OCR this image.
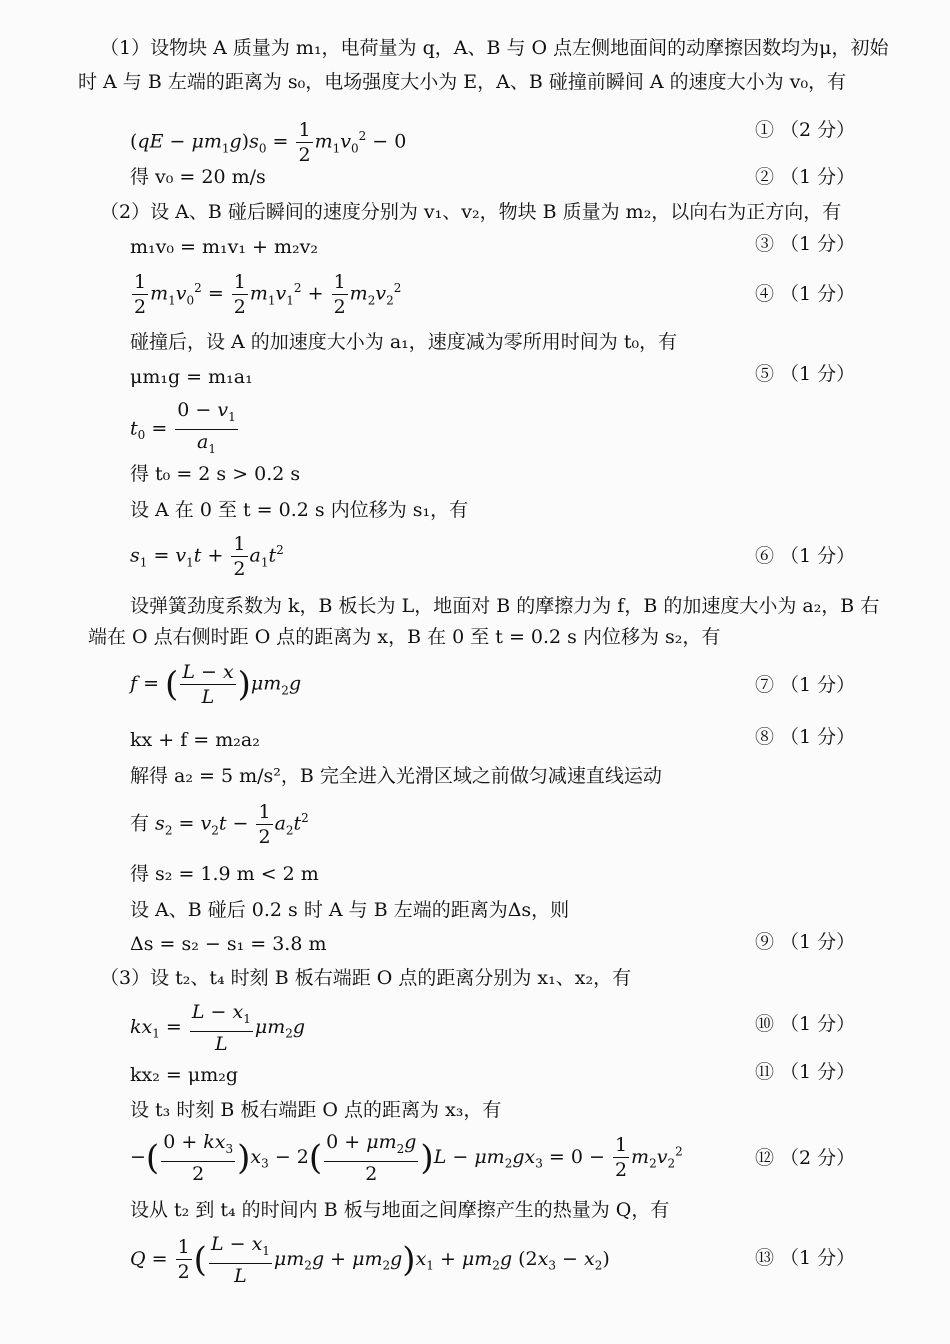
（1）设物块 A 质量为 m₁，电荷量为 q，A、B 与 O 点左侧地面间的动摩擦因数均为μ，初始
时 A 与 B 左端的距离为 s₀，电场强度大小为 E，A、B 碰撞前瞬间 A 的速度大小为 v₀，有
$(qE - \mu m_1g)s_0 = \frac{1}{2} m_1v_0^2 - 0$
① （2 分）
得 v₀ = 20 m/s	② （1 分）
（2）设 A、B 碰后瞬间的速度分别为 v₁、v₂，物块 B 质量为 m₂，以向右为正方向，有
m₁v₀ = m₁v₁ + m₂v₂	③ （1 分）
$\frac{1}{2} m_1v_0^2 = \frac{1}{2} m_1v_1^2 + \frac{1}{2} m_2v_2^2$	④ （1 分）
碰撞后，设 A 的加速度大小为 a₁，速度减为零所用时间为 t₀，有
μm₁g = m₁a₁	⑤ （1 分）
$t_0 = \frac{0 - v_1}{a_1}$
得 t₀ = 2 s > 0.2 s
设 A 在 0 至 t = 0.2 s 内位移为 s₁，有
$s_1 = v_1t + \frac{1}{2} a_1t^2$	⑥ （1 分）
设弹簧劲度系数为 k，B 板长为 L，地面对 B 的摩擦力为 f，B 的加速度大小为 a₂，B 右
端在 O 点右侧时距 O 点的距离为 x，B 在 0 至 t = 0.2 s 内位移为 s₂，有
f = ( $\frac{L - x}{L} )\mu m_2g$	⑦ （1 分）
kx + f = m₂a₂	⑧ （1 分）
解得 a₂ = 5 m/s²，B 完全进入光滑区域之前做匀减速直线运动
有 $s_2 = v_2t - \frac{1}{2} a_2t^2$
得 s₂ = 1.9 m < 2 m
设 A、B 碰后 0.2 s 时 A 与 B 左端的距离为Δs，则
Δs = s₂ − s₁ = 3.8 m	⑨ （1 分）
（3）设 t₂、t₄ 时刻 B 板右端距 O 点的距离分别为 x₁、x₂，有
$kx_1 = \frac{L - x_1}{L} \mu m_2g$	⑩ （1 分）
kx₂ = μm₂g	⑪ （1 分）
设 t₃ 时刻 B 板右端距 O 点的距离为 x₃，有
−( $\frac{0 + kx_3}{2} )x_3 - 2( \frac{0 + \mu m_2g}{2} )L - \mu m_2gx_3 = 0 - \frac{1}{2} m_2v_2^2$	⑫ （2 分）
设从 t₂ 到 t₄ 的时间内 B 板与地面之间摩擦产生的热量为 Q，有
$Q = \frac{1}{2}$ ( $\frac{L - x_1}{L} \mu m_2g + \mu m_2g)x_1 + \mu m_2g$ $(2x_3 - x_2)$	⑬ （1 分）
